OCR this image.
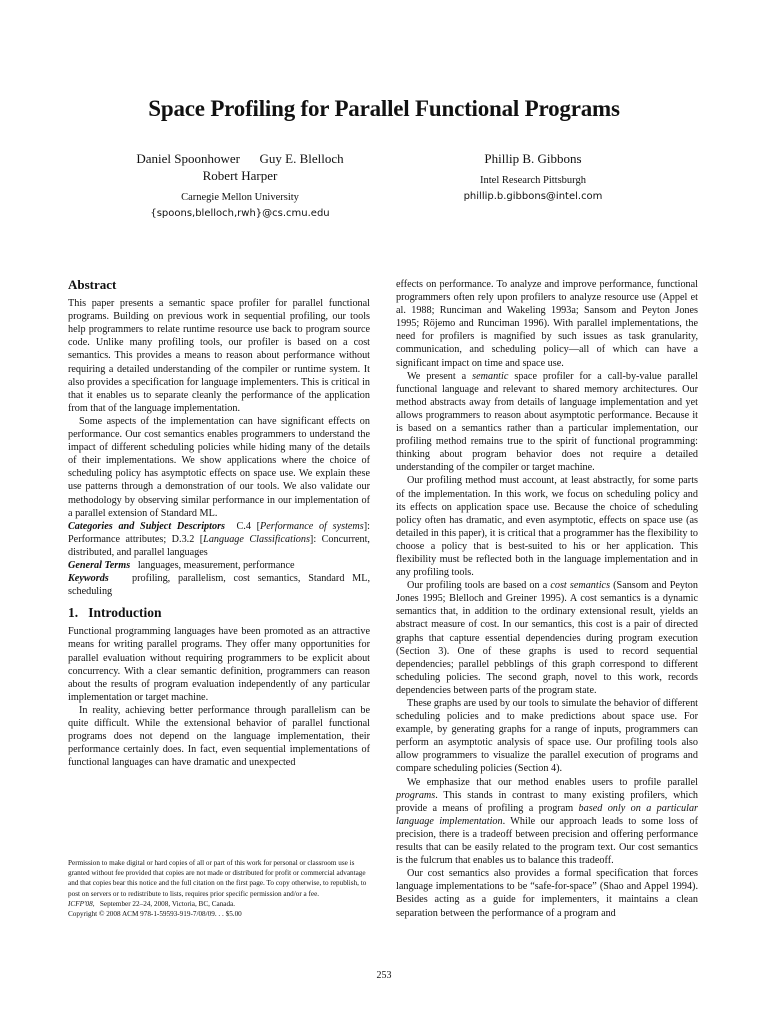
Space Profiling for Parallel Functional Programs
Daniel Spoonhower      Guy E. Blelloch
Robert Harper
Carnegie Mellon University
{spoons,blelloch,rwh}@cs.cmu.edu
Phillip B. Gibbons
Intel Research Pittsburgh
phillip.b.gibbons@intel.com
Abstract

This paper presents a semantic space profiler for parallel functional programs. Building on previous work in sequential profiling, our tools help programmers to relate runtime resource use back to program source code. Unlike many profiling tools, our profiler is based on a cost semantics. This provides a means to reason about performance without requiring a detailed understanding of the compiler or runtime system. It also provides a specification for language implementers. This is critical in that it enables us to separate cleanly the performance of the application from that of the language implementation.

Some aspects of the implementation can have significant effects on performance. Our cost semantics enables programmers to understand the impact of different scheduling policies while hiding many of the details of their implementations. We show applications where the choice of scheduling policy has asymptotic effects on space use. We explain these use patterns through a demonstration of our tools. We also validate our methodology by observing similar performance in our implementation of a parallel extension of Standard ML.

Categories and Subject Descriptors C.4 [Performance of systems]: Performance attributes; D.3.2 [Language Classifications]: Concurrent, distributed, and parallel languages

General Terms languages, measurement, performance

Keywords profiling, parallelism, cost semantics, Standard ML, scheduling

1.   Introduction

Functional programming languages have been promoted as an attractive means for writing parallel programs. They offer many opportunities for parallel evaluation without requiring programmers to be explicit about concurrency. With a clear semantic definition, programmers can reason about the results of program evaluation independently of any particular implementation or target machine.

In reality, achieving better performance through parallelism can be quite difficult. While the extensional behavior of parallel functional programs does not depend on the language implementation, their performance certainly does. In fact, even sequential implementations of functional languages can have dramatic and unexpected

Permission to make digital or hard copies of all or part of this work for personal or classroom use is granted without fee provided that copies are not made or distributed for profit or commercial advantage and that copies bear this notice and the full citation on the first page. To copy otherwise, to republish, to post on servers or to redistribute to lists, requires prior specific permission and/or a fee.
ICFP'08, September 22–24, 2008, Victoria, BC, Canada.
Copyright © 2008 ACM 978-1-59593-919-7/08/09. . . $5.00

effects on performance. To analyze and improve performance, functional programmers often rely upon profilers to analyze resource use (Appel et al. 1988; Runciman and Wakeling 1993a; Sansom and Peyton Jones 1995; Röjemo and Runciman 1996). With parallel implementations, the need for profilers is magnified by such issues as task granularity, communication, and scheduling policy—all of which can have a significant impact on time and space use.

We present a semantic space profiler for a call-by-value parallel functional language and relevant to shared memory architectures. Our method abstracts away from details of language implementation and yet allows programmers to reason about asymptotic performance. Because it is based on a semantics rather than a particular implementation, our profiling method remains true to the spirit of functional programming: thinking about program behavior does not require a detailed understanding of the compiler or target machine.

Our profiling method must account, at least abstractly, for some parts of the implementation. In this work, we focus on scheduling policy and its effects on application space use. Because the choice of scheduling policy often has dramatic, and even asymptotic, effects on space use (as detailed in this paper), it is critical that a programmer has the flexibility to choose a policy that is best-suited to his or her application. This flexibility must be reflected both in the language implementation and in any profiling tools.

Our profiling tools are based on a cost semantics (Sansom and Peyton Jones 1995; Blelloch and Greiner 1995). A cost semantics is a dynamic semantics that, in addition to the ordinary extensional result, yields an abstract measure of cost. In our semantics, this cost is a pair of directed graphs that capture essential dependencies during program execution (Section 3). One of these graphs is used to record sequential dependencies; parallel pebblings of this graph correspond to different scheduling policies. The second graph, novel to this work, records dependencies between parts of the program state.

These graphs are used by our tools to simulate the behavior of different scheduling policies and to make predictions about space use. For example, by generating graphs for a range of inputs, programmers can perform an asymptotic analysis of space use. Our profiling tools also allow programmers to visualize the parallel execution of programs and compare scheduling policies (Section 4).

We emphasize that our method enables users to profile parallel programs. This stands in contrast to many existing profilers, which provide a means of profiling a program based only on a particular language implementation. While our approach leads to some loss of precision, there is a tradeoff between precision and offering performance results that can be easily related to the program text. Our cost semantics is the fulcrum that enables us to balance this tradeoff.

Our cost semantics also provides a formal specification that forces language implementations to be “safe-for-space” (Shao and Appel 1994). Besides acting as a guide for implementers, it maintains a clean separation between the performance of a program and

253
